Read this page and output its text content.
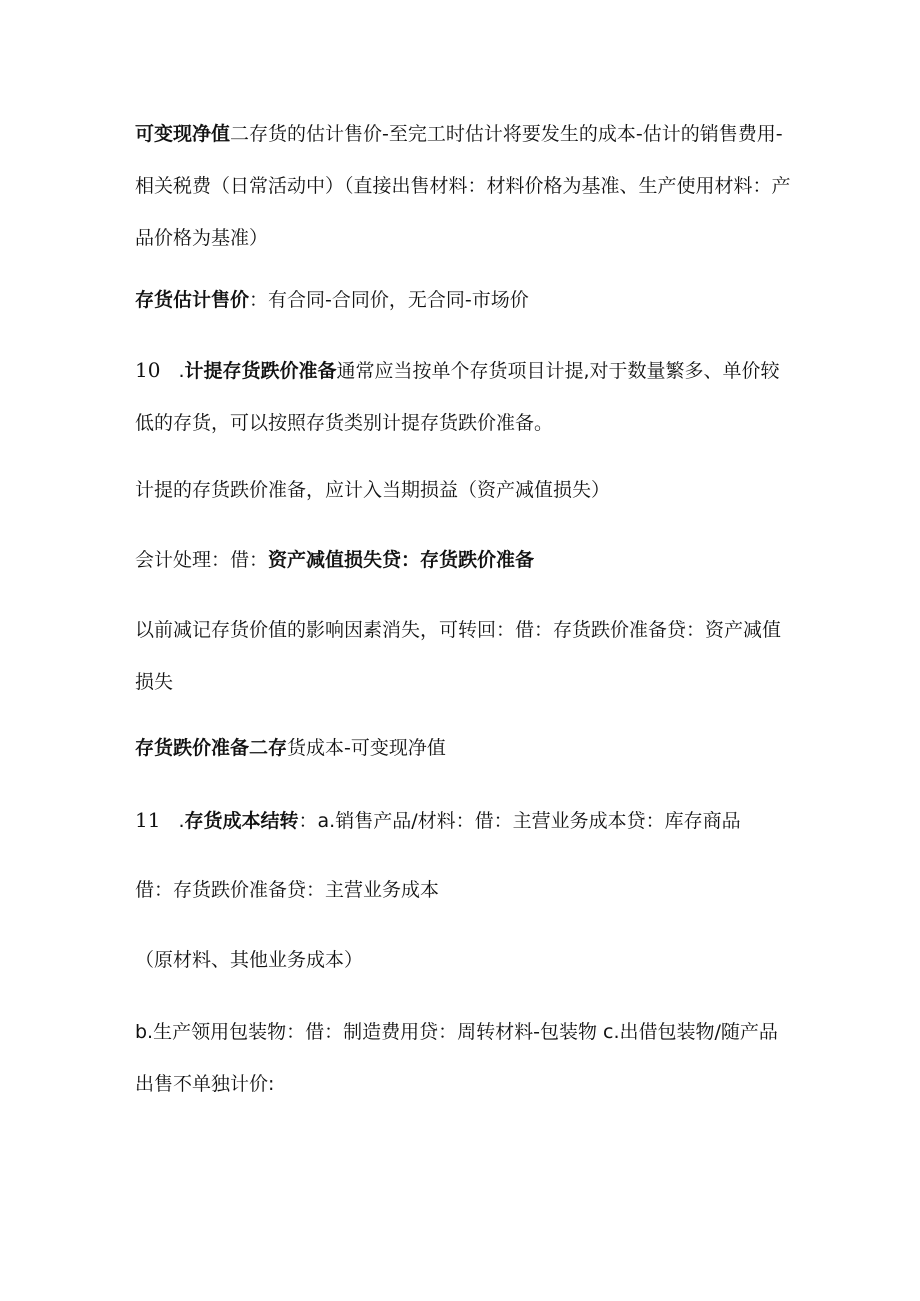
可变现净值二存货的估计售价-至完工时估计将要发生的成本-估计的销售费用-相关税费（日常活动中）（直接出售材料：材料价格为基准、生产使用材料：产品价格为基准）
存货估计售价：有合同-合同价，无合同-市场价
10 .计提存货跌价准备通常应当按单个存货项目计提,对于数量繁多、单价较低的存货，可以按照存货类别计提存货跌价准备。
计提的存货跌价准备，应计入当期损益（资产减值损失）
会计处理：借：资产减值损失贷：存货跌价准备
以前减记存货价值的影响因素消失，可转回：借：存货跌价准备贷：资产减值损失
存货跌价准备二存货成本-可变现净值
11 .存货成本结转：a.销售产品/材料：借：主营业务成本贷：库存商品
借：存货跌价准备贷：主营业务成本
（原材料、其他业务成本）
b.生产领用包装物：借：制造费用贷：周转材料-包装物 c.出借包装物/随产品出售不单独计价:
